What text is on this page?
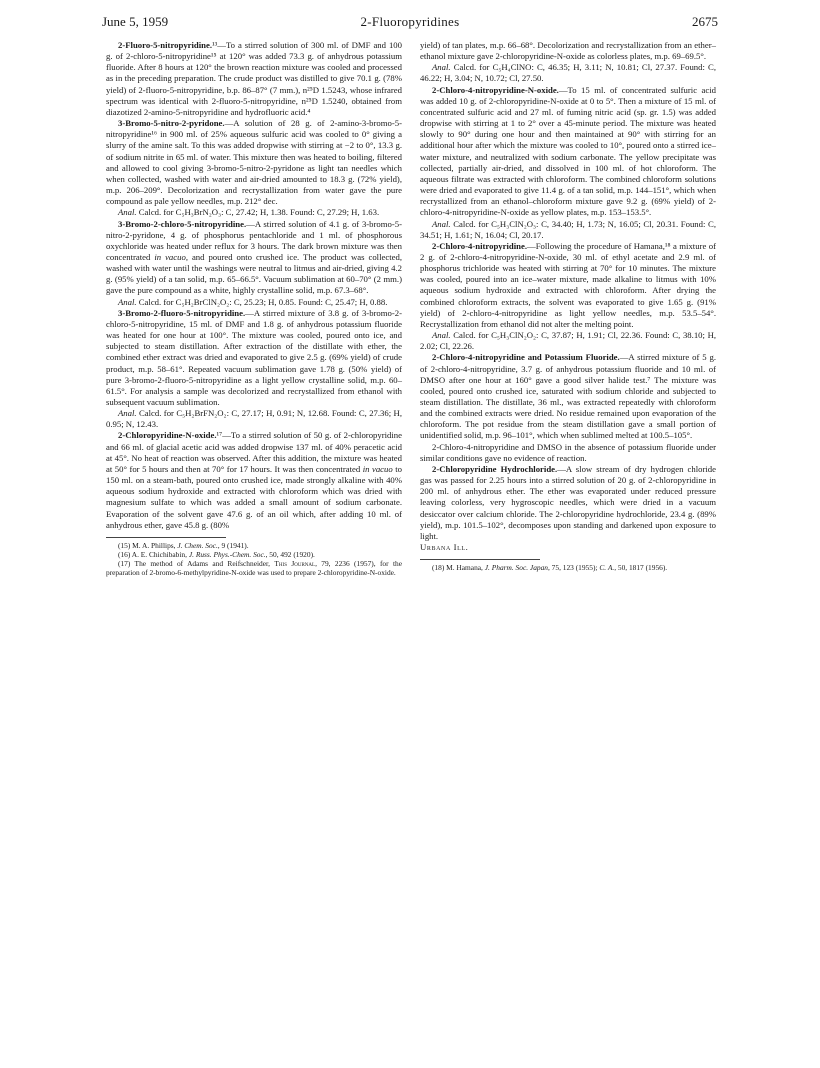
June 5, 1959	2-Fluoropyridines	2675

2-Fluoro-5-nitropyridine.¹³—To a stirred solution of 300 ml. of DMF and 100 g. of 2-chloro-5-nitropyridine¹⁵ at 120° was added 73.3 g. of anhydrous potassium fluoride. After 8 hours at 120° the brown reaction mixture was cooled and processed as in the preceding preparation. The crude product was distilled to give 70.1 g. (78% yield) of 2-fluoro-5-nitropyridine, b.p. 86–87° (7 mm.), n²⁵D 1.5243, whose infrared spectrum was identical with 2-fluoro-5-nitropyridine, n²⁵D 1.5240, obtained from diazotized 2-amino-5-nitropyridine and hydrofluoric acid.⁴

3-Bromo-5-nitro-2-pyridone.—A solution of 28 g. of 2-amino-3-bromo-5-nitropyridine¹⁶ in 900 ml. of 25% aqueous sulfuric acid was cooled to 0° giving a slurry of the amine salt. To this was added dropwise with stirring at −2 to 0°, 13.3 g. of sodium nitrite in 65 ml. of water. This mixture then was heated to boiling, filtered and allowed to cool giving 3-bromo-5-nitro-2-pyridone as light tan needles which when collected, washed with water and air-dried amounted to 18.3 g. (72% yield), m.p. 206–209°. Decolorization and recrystallization from water gave the pure compound as pale yellow needles, m.p. 212° dec.

Anal. Calcd. for C₅H₃BrN₂O₃: C, 27.42; H, 1.38. Found: C, 27.29; H, 1.63.

3-Bromo-2-chloro-5-nitropyridine.—A stirred solution of 4.1 g. of 3-bromo-5-nitro-2-pyridone, 4 g. of phosphorus pentachloride and 1 ml. of phosphorous oxychloride was heated under reflux for 3 hours. The dark brown mixture was then concentrated in vacuo, and poured onto crushed ice. The product was collected, washed with water until the washings were neutral to litmus and air-dried, giving 4.2 g. (95% yield) of a tan solid, m.p. 65–66.5°. Vacuum sublimation at 60–70° (2 mm.) gave the pure compound as a white, highly crystalline solid, m.p. 67.3–68°.

Anal. Calcd. for C₅H₂BrClN₂O₂: C, 25.23; H, 0.85. Found: C, 25.47; H, 0.88.

3-Bromo-2-fluoro-5-nitropyridine.—A stirred mixture of 3.8 g. of 3-bromo-2-chloro-5-nitropyridine, 15 ml. of DMF and 1.8 g. of anhydrous potassium fluoride was heated for one hour at 100°. The mixture was cooled, poured onto ice, and subjected to steam distillation. After extraction of the distillate with ether, the combined ether extract was dried and evaporated to give 2.5 g. (69% yield) of crude product, m.p. 58–61°. Repeated vacuum sublimation gave 1.78 g. (50% yield) of pure 3-bromo-2-fluoro-5-nitropyridine as a light yellow crystalline solid, m.p. 60–61.5°. For analysis a sample was decolorized and recrystallized from ethanol with subsequent vacuum sublimation.

Anal. Calcd. for C₅H₂BrFN₂O₂: C, 27.17; H, 0.91; N, 12.68. Found: C, 27.36; H, 0.95; N, 12.43.

2-Chloropyridine-N-oxide.¹⁷—To a stirred solution of 50 g. of 2-chloropyridine and 66 ml. of glacial acetic acid was added dropwise 137 ml. of 40% peracetic acid at 45°. No heat of reaction was observed. After this addition, the mixture was heated at 50° for 5 hours and then at 70° for 17 hours. It was then concentrated in vacuo to 150 ml. on a steam-bath, poured onto crushed ice, made strongly alkaline with 40% aqueous sodium hydroxide and extracted with chloroform which was dried with magnesium sulfate to which was added a small amount of sodium carbonate. Evaporation of the solvent gave 47.6 g. of an oil which, after adding 10 ml. of anhydrous ether, gave 45.8 g. (80%

(15) M. A. Phillips, J. Chem. Soc., 9 (1941).

(16) A. E. Chichibabin, J. Russ. Phys.-Chem. Soc., 50, 492 (1920).

(17) The method of Adams and Reifschneider, This Journal, 79, 2236 (1957), for the preparation of 2-bromo-6-methylpyridine-N-oxide was used to prepare 2-chloropyridine-N-oxide.

yield) of tan plates, m.p. 66–68°. Decolorization and recrystallization from an ether–ethanol mixture gave 2-chloropyridine-N-oxide as colorless plates, m.p. 69–69.5°.

Anal. Calcd. for C₅H₄ClNO: C, 46.35; H, 3.11; N, 10.81; Cl, 27.37. Found: C, 46.22; H, 3.04; N, 10.72; Cl, 27.50.

2-Chloro-4-nitropyridine-N-oxide.—To 15 ml. of concentrated sulfuric acid was added 10 g. of 2-chloropyridine-N-oxide at 0 to 5°. Then a mixture of 15 ml. of concentrated sulfuric acid and 27 ml. of fuming nitric acid (sp. gr. 1.5) was added dropwise with stirring at 1 to 2° over a 45-minute period. The mixture was heated slowly to 90° during one hour and then maintained at 90° with stirring for an additional hour after which the mixture was cooled to 10°, poured onto a stirred ice–water mixture, and neutralized with sodium carbonate. The yellow precipitate was collected, partially air-dried, and dissolved in 100 ml. of hot chloroform. The aqueous filtrate was extracted with chloroform. The combined chloroform solutions were dried and evaporated to give 11.4 g. of a tan solid, m.p. 144–151°, which when recrystallized from an ethanol–chloroform mixture gave 9.2 g. (69% yield) of 2-chloro-4-nitropyridine-N-oxide as yellow plates, m.p. 153–153.5°.

Anal. Calcd. for C₅H₃ClN₂O₃: C, 34.40; H, 1.73; N, 16.05; Cl, 20.31. Found: C, 34.51; H, 1.61; N, 16.04; Cl, 20.17.

2-Chloro-4-nitropyridine.—Following the procedure of Hamana,¹⁸ a mixture of 2 g. of 2-chloro-4-nitropyridine-N-oxide, 30 ml. of ethyl acetate and 2.9 ml. of phosphorus trichloride was heated with stirring at 70° for 10 minutes. The mixture was cooled, poured into an ice–water mixture, made alkaline to litmus with 10% aqueous sodium hydroxide and extracted with chloroform. After drying the combined chloroform extracts, the solvent was evaporated to give 1.65 g. (91% yield) of 2-chloro-4-nitropyridine as light yellow needles, m.p. 53.5–54°. Recrystallization from ethanol did not alter the melting point.

Anal. Calcd. for C₅H₃ClN₂O₂: C, 37.87; H, 1.91; Cl, 22.36. Found: C, 38.10; H, 2.02; Cl, 22.26.

2-Chloro-4-nitropyridine and Potassium Fluoride.—A stirred mixture of 5 g. of 2-chloro-4-nitropyridine, 3.7 g. of anhydrous potassium fluoride and 10 ml. of DMSO after one hour at 160° gave a good silver halide test.⁷ The mixture was cooled, poured onto crushed ice, saturated with sodium chloride and subjected to steam distillation. The distillate, 36 ml., was extracted repeatedly with chloroform and the combined extracts were dried. No residue remained upon evaporation of the chloroform. The pot residue from the steam distillation gave a small portion of unidentified solid, m.p. 96–101°, which when sublimed melted at 100.5–105°.

2-Chloro-4-nitropyridine and DMSO in the absence of potassium fluoride under similar conditions gave no evidence of reaction.

2-Chloropyridine Hydrochloride.—A slow stream of dry hydrogen chloride gas was passed for 2.25 hours into a stirred solution of 20 g. of 2-chloropyridine in 200 ml. of anhydrous ether. The ether was evaporated under reduced pressure leaving colorless, very hygroscopic needles, which were dried in a vacuum desiccator over calcium chloride. The 2-chloropyridine hydrochloride, 23.4 g. (89% yield), m.p. 101.5–102°, decomposes upon standing and darkened upon exposure to light.

Urbana Ill.

(18) M. Hamana, J. Pharm. Soc. Japan, 75, 123 (1955); C. A., 50, 1817 (1956).
